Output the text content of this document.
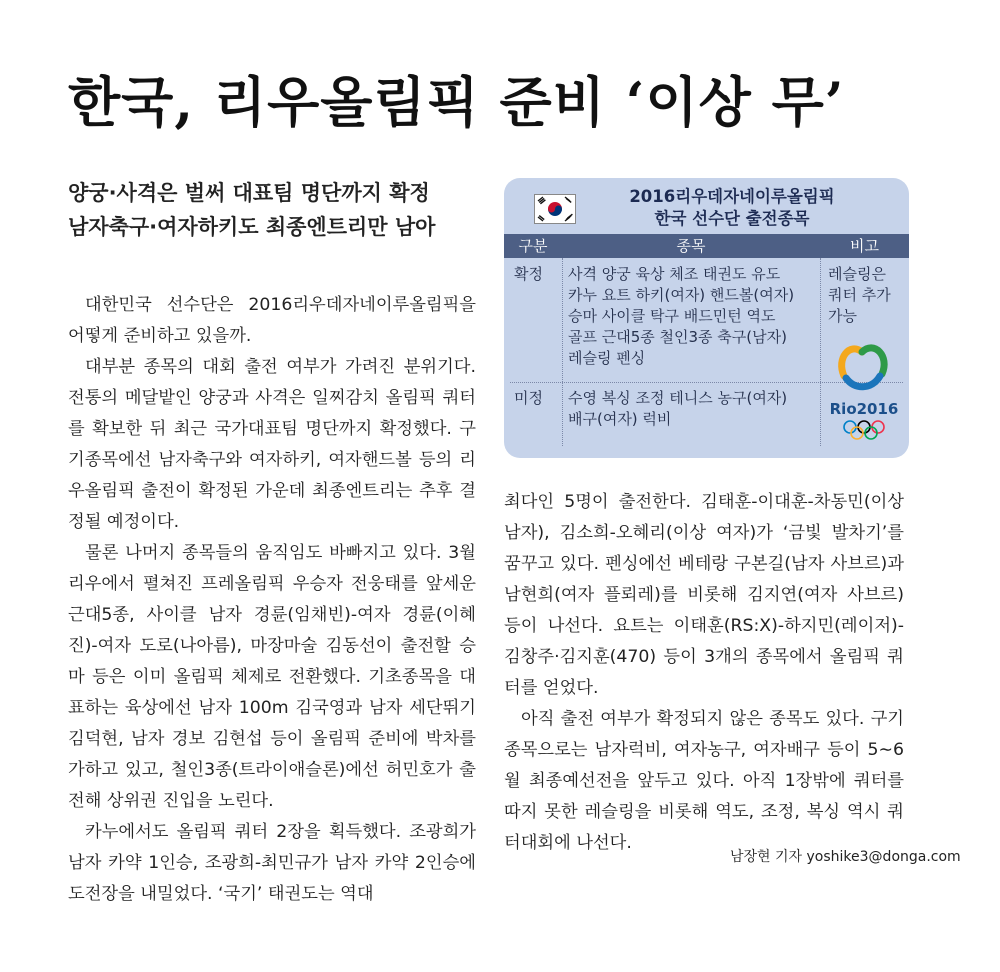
한국, 리우올림픽 준비 ‘이상 무’
양궁·사격은 벌써 대표팀 명단까지 확정
남자축구·여자하키도 최종엔트리만 남아
2016리우데자네이루올림픽
한국 선수단 출전종목
구분	종목	비고
확정 사격 양궁 육상 체조 태권도 유도
카누 요트 하키(여자) 핸드볼(여자)
승마 사이클 탁구 배드민턴 역도
골프 근대5종 철인3종 축구(남자)
레슬링 펜싱
레슬링은
쿼터 추가
가능
미정 수영 복싱 조정 테니스 농구(여자)
배구(여자) 럭비
Rio2016

대한민국 선수단은 2016리우데자네이루올림픽을 어떻게 준비하고 있을까.

대부분 종목의 대회 출전 여부가 가려진 분위기다. 전통의 메달밭인 양궁과 사격은 일찌감치 올림픽 쿼터를 확보한 뒤 최근 국가대표팀 명단까지 확정했다. 구기종목에선 남자축구와 여자하키, 여자핸드볼 등의 리우올림픽 출전이 확정된 가운데 최종엔트리는 추후 결정될 예정이다.

물론 나머지 종목들의 움직임도 바빠지고 있다. 3월 리우에서 펼쳐진 프레올림픽 우승자 전웅태를 앞세운 근대5종, 사이클 남자 경륜(임채빈)-여자 경륜(이혜진)-여자 도로(나아름), 마장마술 김동선이 출전할 승마 등은 이미 올림픽 체제로 전환했다. 기초종목을 대표하는 육상에선 남자 100m 김국영과 남자 세단뛰기 김덕현, 남자 경보 김현섭 등이 올림픽 준비에 박차를 가하고 있고, 철인3종(트라이애슬론)에선 허민호가 출전해 상위권 진입을 노린다.

카누에서도 올림픽 쿼터 2장을 획득했다. 조광희가 남자 카약 1인승, 조광희-최민규가 남자 카약 2인승에 도전장을 내밀었다. ‘국기’ 태권도는 역대

최다인 5명이 출전한다. 김태훈-이대훈-차동민(이상 남자), 김소희-오혜리(이상 여자)가 ‘금빛 발차기’를 꿈꾸고 있다. 펜싱에선 베테랑 구본길(남자 사브르)과 남현희(여자 플뢰레)를 비롯해 김지연(여자 사브르) 등이 나선다. 요트는 이태훈(RS:X)-하지민(레이저)-김창주·김지훈(470) 등이 3개의 종목에서 올림픽 쿼터를 얻었다.

아직 출전 여부가 확정되지 않은 종목도 있다. 구기종목으로는 남자럭비, 여자농구, 여자배구 등이 5∼6월 최종예선전을 앞두고 있다. 아직 1장밖에 쿼터를 따지 못한 레슬링을 비롯해 역도, 조정, 복싱 역시 쿼터대회에 나선다.

남장현 기자 yoshike3@donga.com
